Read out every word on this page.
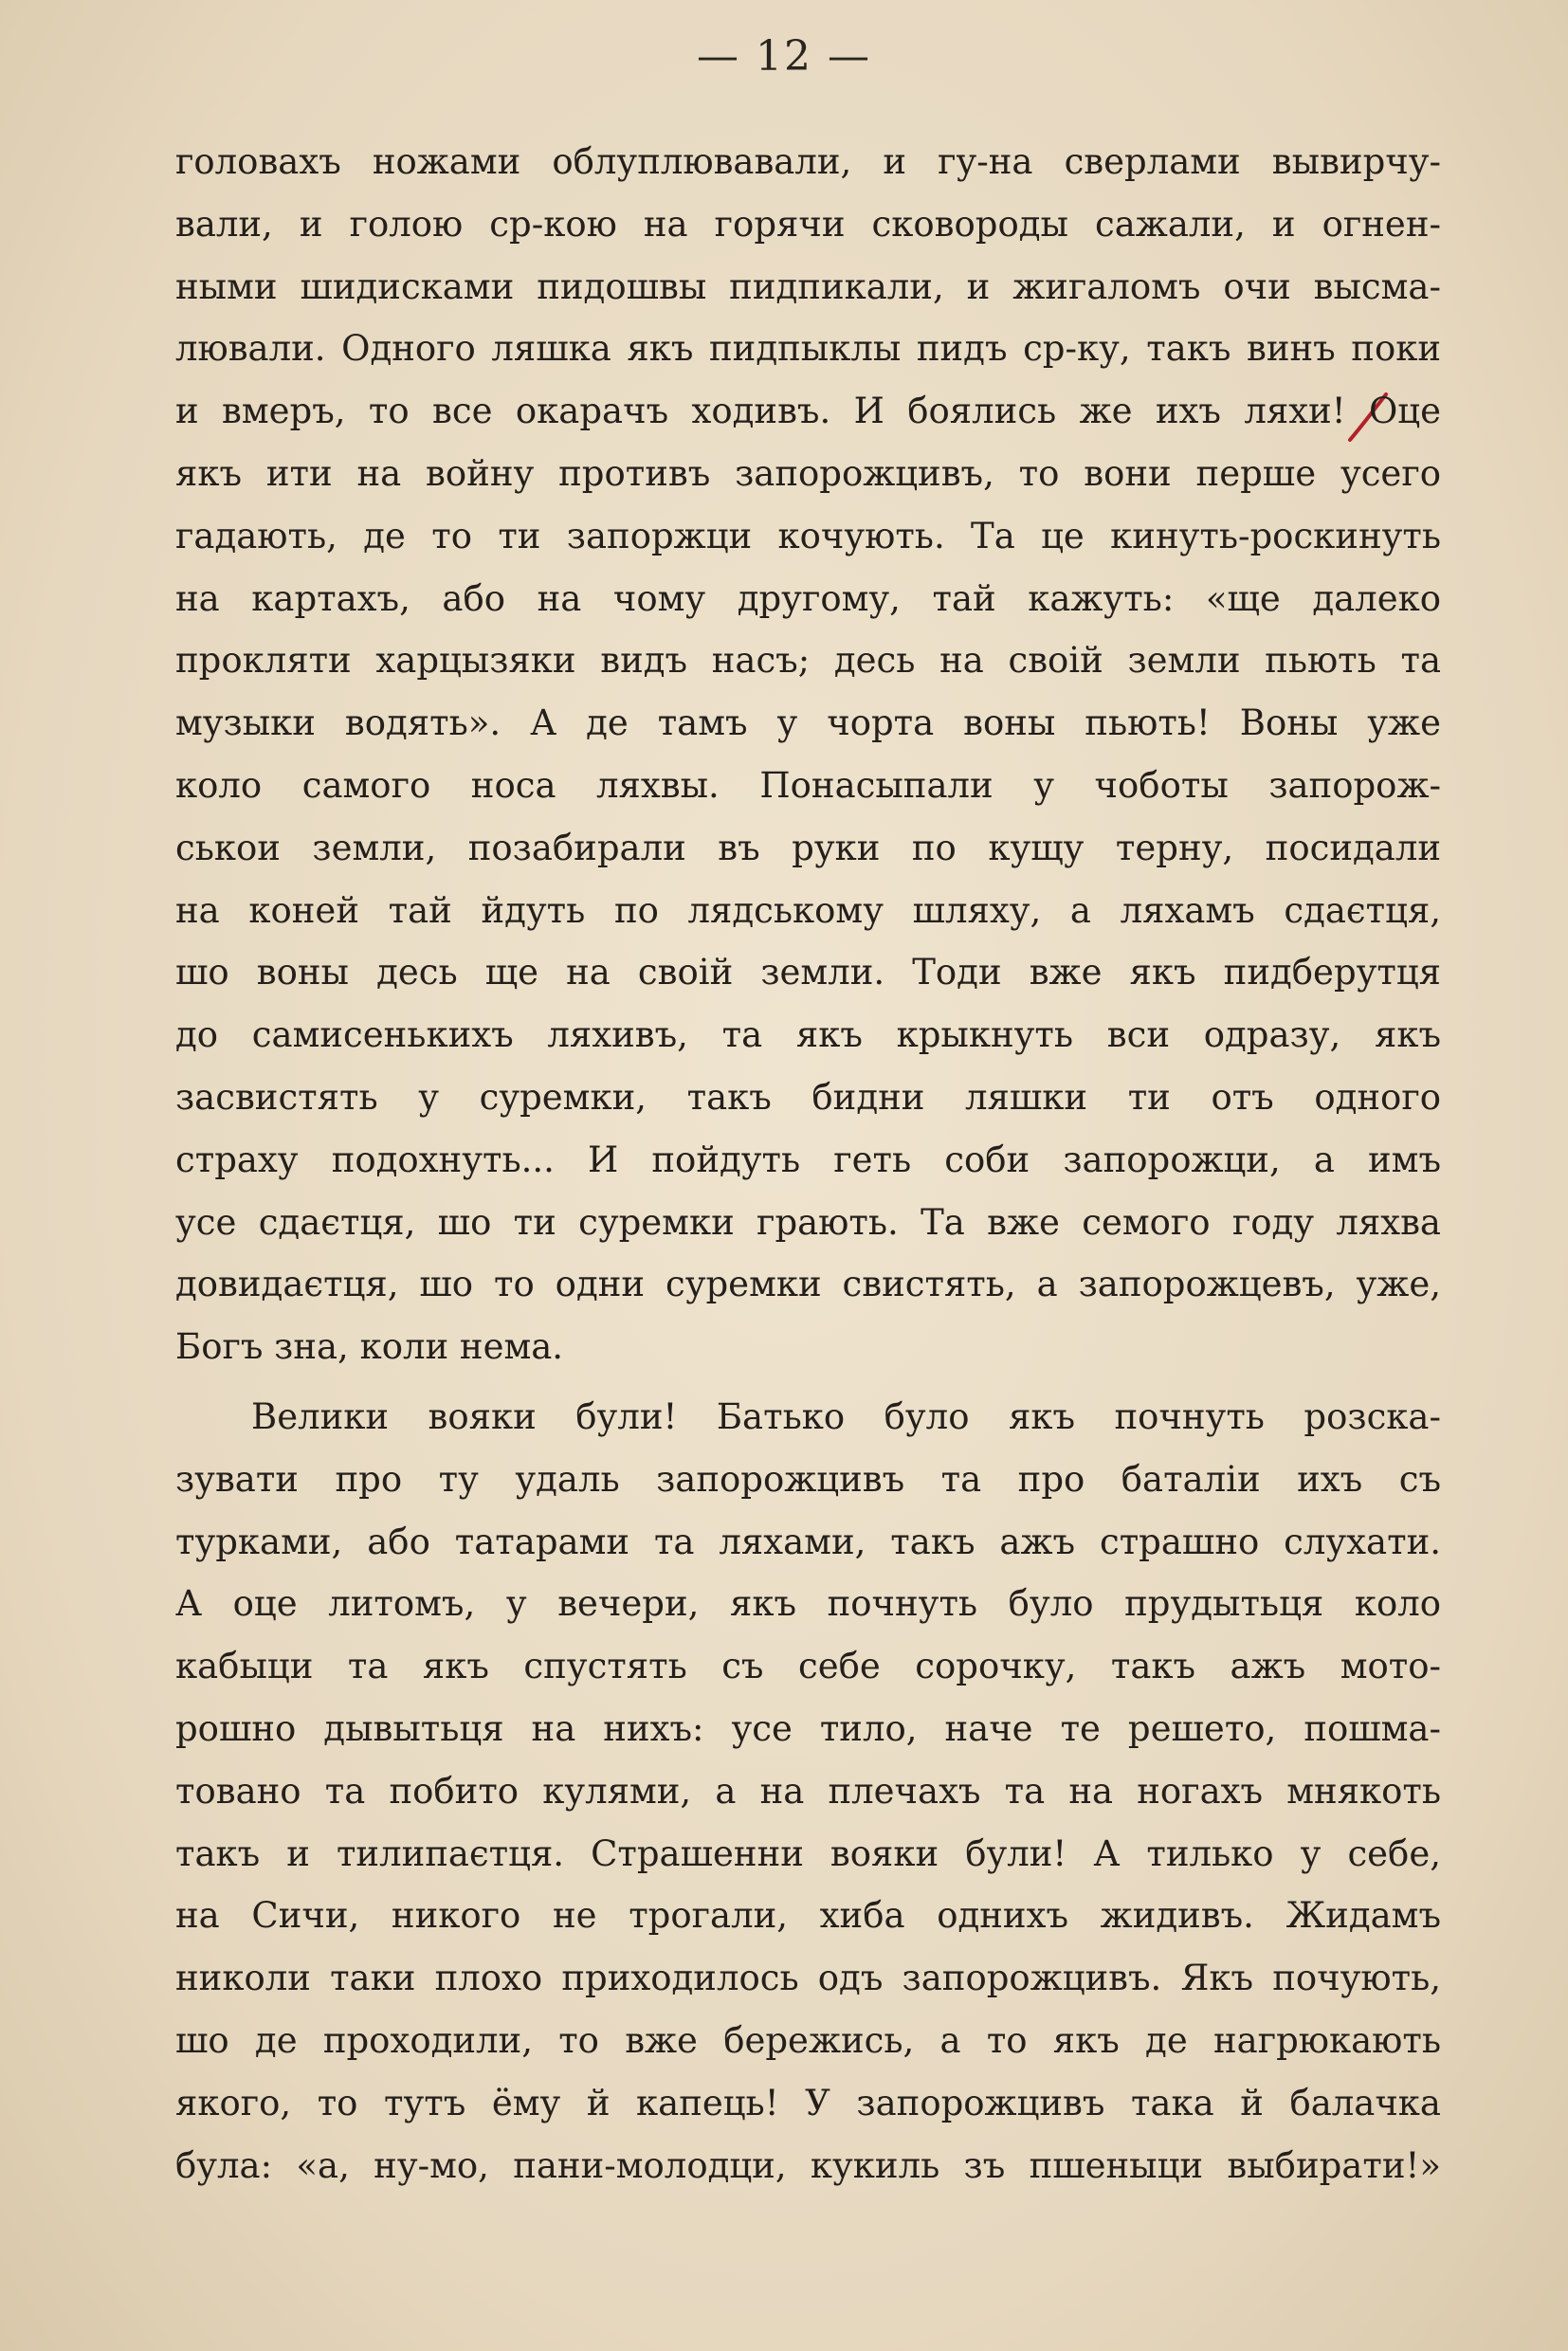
— 12 —
головахъ ножами облуплювавали, и гу-на сверлами вывирчу-
вали, и голою ср-кою на горячи сковороды сажали, и огнен-
ными шидисками пидошвы пидпикали, и жигаломъ очи высма-
лювали. Одного ляшка якъ пидпыклы пидъ ср-ку, такъ винъ поки
и вмеръ, то все окарачъ ходивъ. И боялись же ихъ ляхи! Оце
якъ ити на войну противъ запорожцивъ, то вони перше усего
гадають, де то ти запоржци кочують. Та це кинуть-роскинуть
на картахъ, або на чому другому, тай кажуть: «ще далеко
прокляти харцызяки видъ насъ; десь на своій земли пьють та
музыки водять». А де тамъ у чорта воны пьють! Воны уже
коло самого носа ляхвы. Понасыпали у чоботы запорож-
ськои земли, позабирали въ руки по кущу терну, посидали
на коней тай йдуть по лядському шляху, а ляхамъ сдаєтця,
шо воны десь ще на своій земли. Тоди вже якъ пидберутця
до самисенькихъ ляхивъ, та якъ крыкнуть вси одразу, якъ
засвистять у суремки, такъ бидни ляшки ти отъ одного
страху подохнуть... И пойдуть геть соби запорожци, а имъ
усе сдаєтця, шо ти суремки грають. Та вже семого году ляхва
довидаєтця, шо то одни суремки свистять, а запорожцевъ, уже,
Богъ зна, коли нема.
Велики вояки були! Батько було якъ почнуть розска-
зувати про ту удаль запорожцивъ та про баталіи ихъ съ
турками, або татарами та ляхами, такъ ажъ страшно слухати.
А оце литомъ, у вечери, якъ почнуть було прудытьця коло
кабыци та якъ спустять съ себе сорочку, такъ ажъ мото-
рошно дывытьця на нихъ: усе тило, наче те решето, пошма-
товано та побито кулями, а на плечахъ та на ногахъ мнякоть
такъ и тилипаєтця. Страшенни вояки були! А тилько у себе,
на Сичи, никого не трогали, хиба однихъ жидивъ. Жидамъ
николи таки плохо приходилось одъ запорожцивъ. Якъ почують,
шо де проходили, то вже бережись, а то якъ де нагрюкають
якого, то тутъ ёму й капець! У запорожцивъ така й балачка
була: «а, ну-мо, пани-молодци, кукиль зъ пшеныци выбирати!»
